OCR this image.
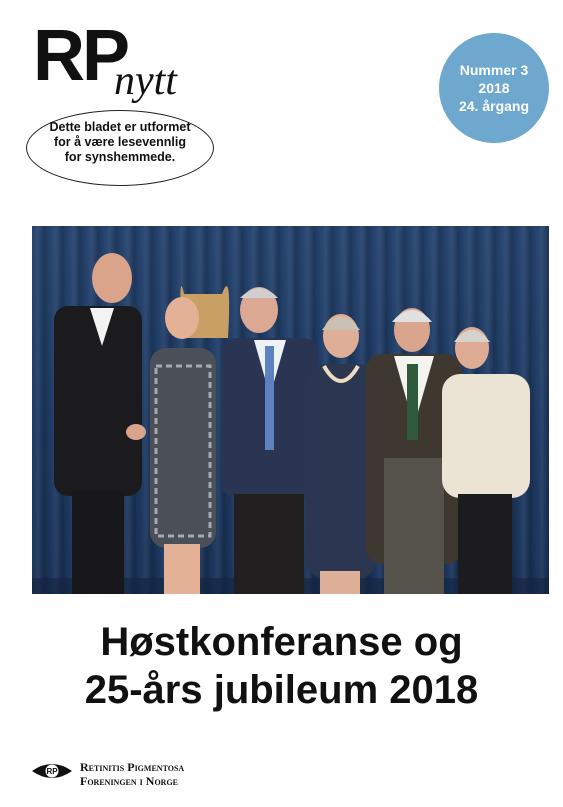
RP
nytt
Dette bladet er utformet
for å være lesevennlig
for synshemmede.
Nummer 3
2018
24. årgang
Høstkonferanse og
25-års jubileum 2018
RP Retinitis Pigmentosa
Foreningen i Norge
